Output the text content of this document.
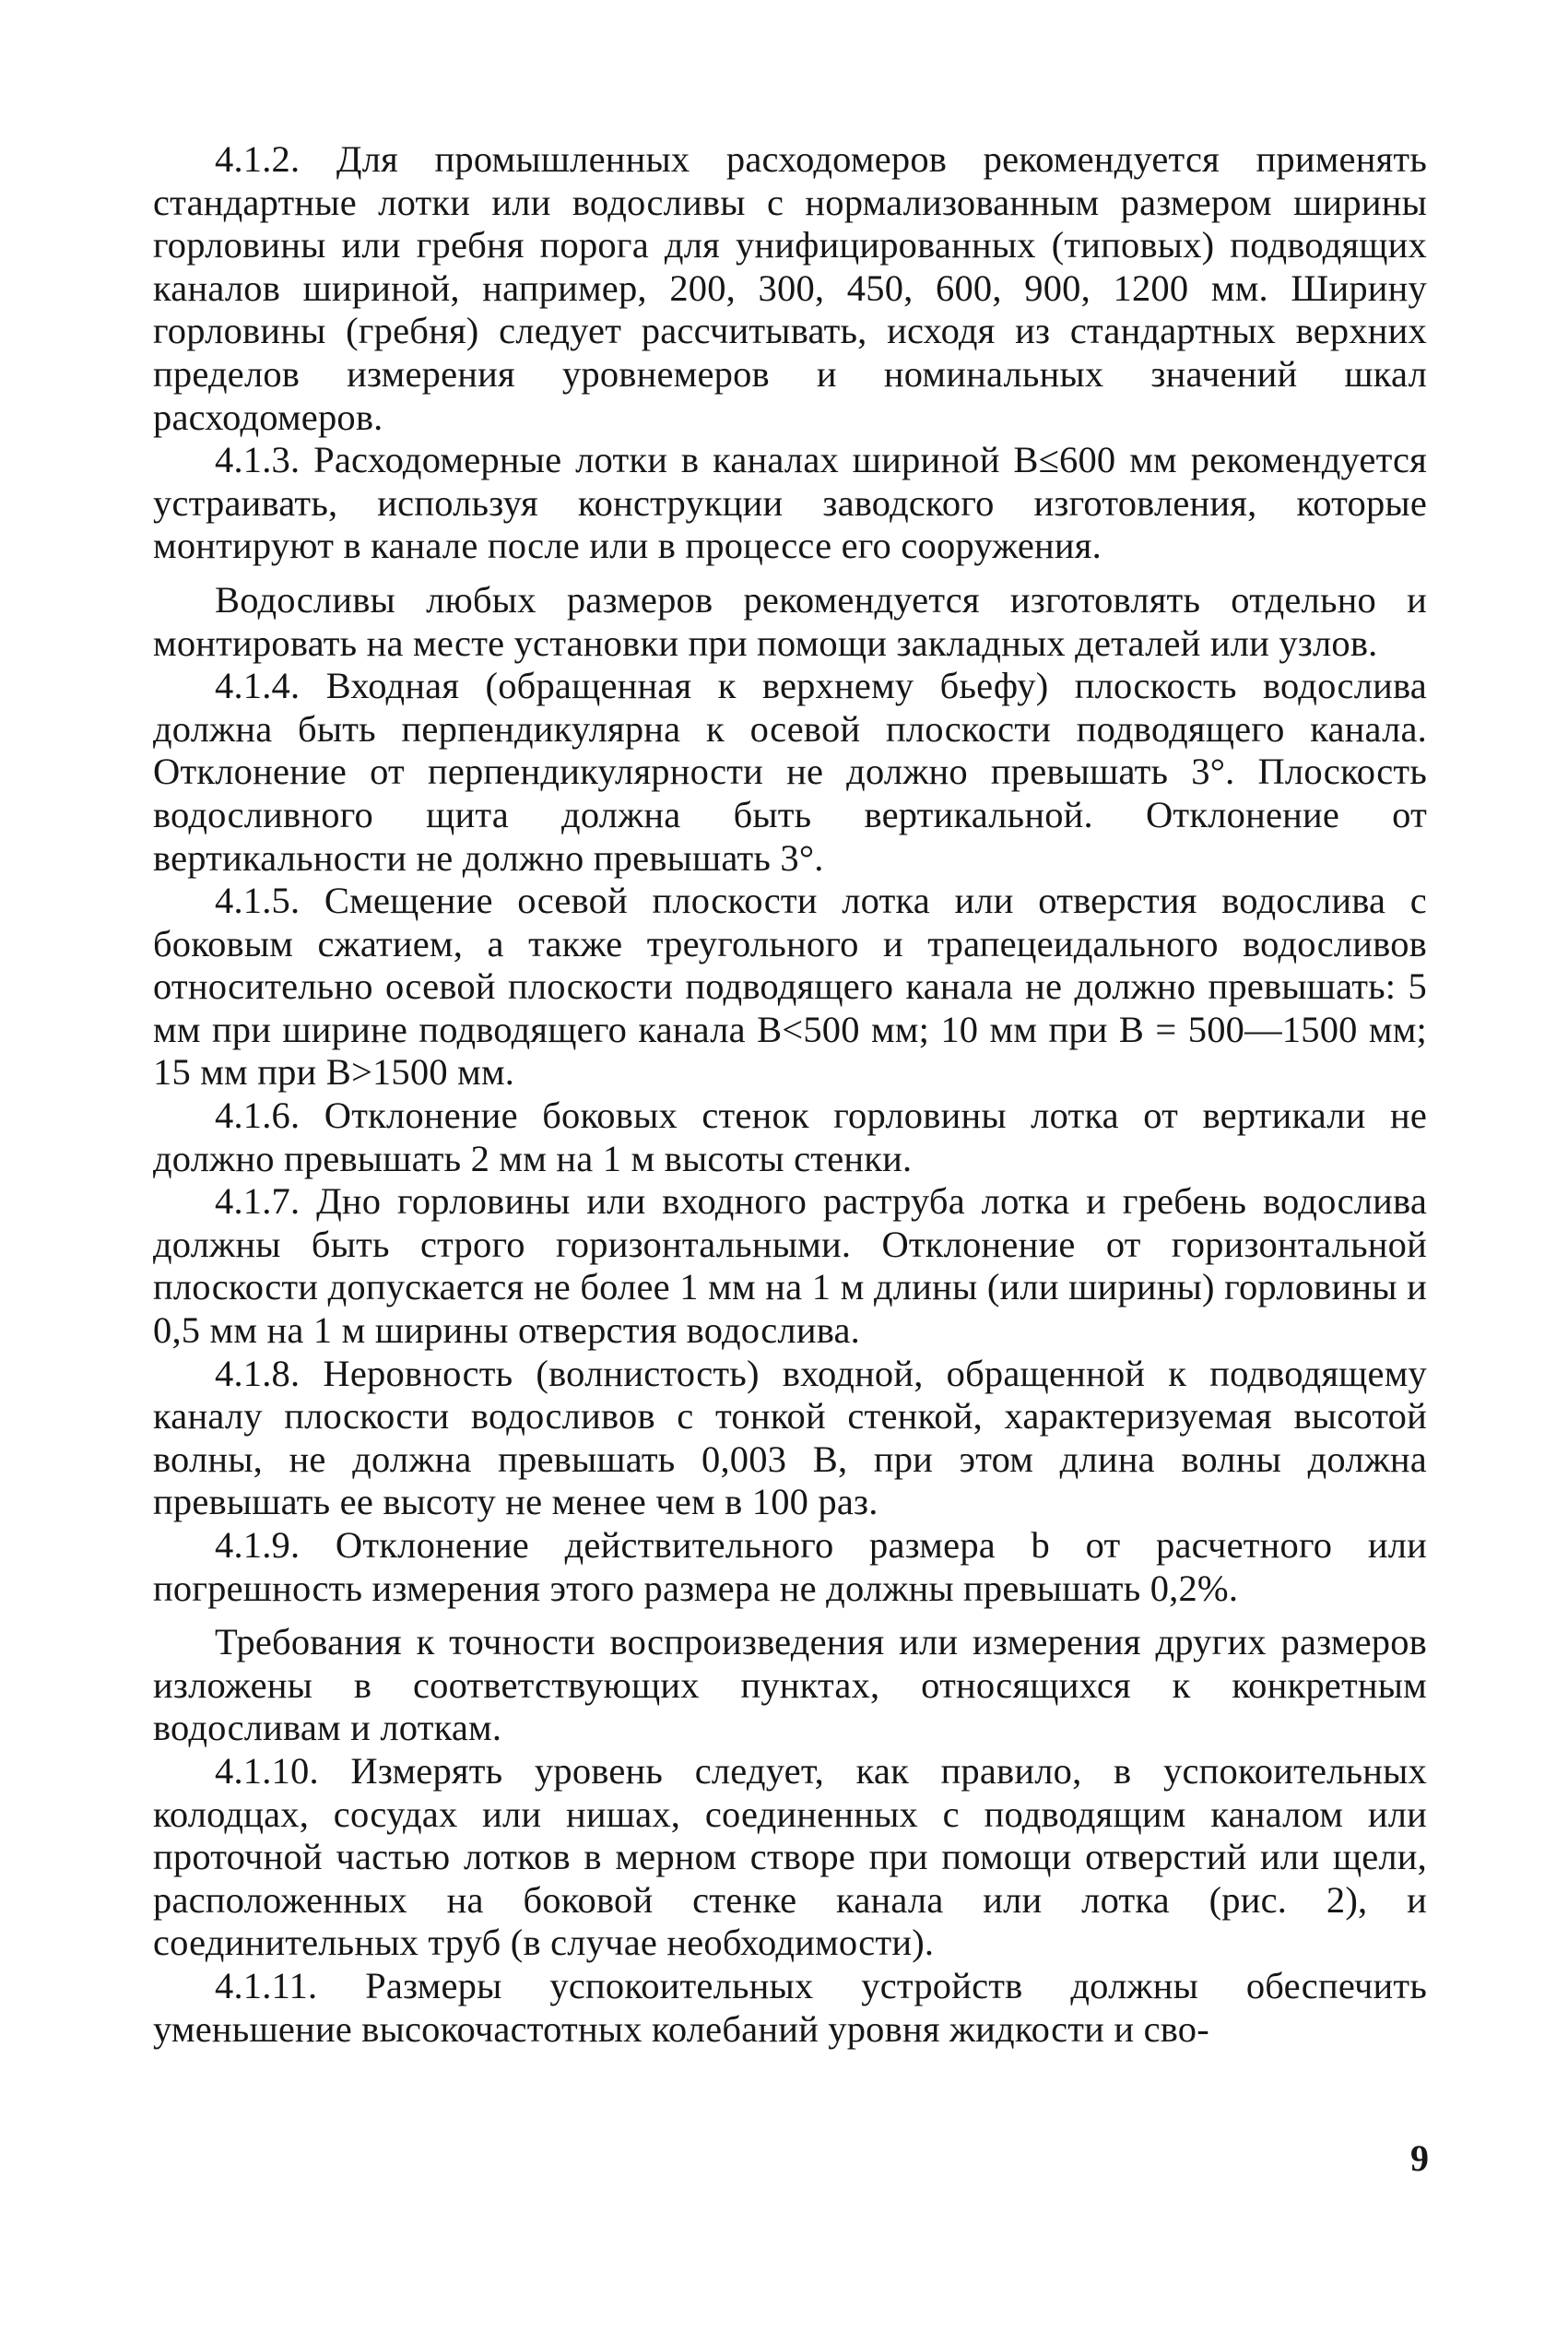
4.1.2. Для промышленных расходомеров рекомендуется применять стандартные лотки или водосливы с нормализованным размером ширины горловины или гребня порога для унифицированных (типовых) подводящих каналов шириной, например, 200, 300, 450, 600, 900, 1200 мм. Ширину горловины (гребня) следует рассчитывать, исходя из стандартных верхних пределов измерения уровнемеров и номинальных значений шкал расходомеров.

4.1.3. Расходомерные лотки в каналах шириной B≤600 мм рекомендуется устраивать, используя конструкции заводского изготовления, которые монтируют в канале после или в процессе его сооружения.

Водосливы любых размеров рекомендуется изготовлять отдельно и монтировать на месте установки при помощи закладных деталей или узлов.

4.1.4. Входная (обращенная к верхнему бьефу) плоскость водослива должна быть перпендикулярна к осевой плоскости подводящего канала. Отклонение от перпендикулярности не должно превышать 3°. Плоскость водосливного щита должна быть вертикальной. Отклонение от вертикальности не должно превышать 3°.

4.1.5. Смещение осевой плоскости лотка или отверстия водослива с боковым сжатием, а также треугольного и трапецеидального водосливов относительно осевой плоскости подводящего канала не должно превышать: 5 мм при ширине подводящего канала B<500 мм; 10 мм при B = 500—1500 мм; 15 мм при B>1500 мм.

4.1.6. Отклонение боковых стенок горловины лотка от вертикали не должно превышать 2 мм на 1 м высоты стенки.

4.1.7. Дно горловины или входного раструба лотка и гребень водослива должны быть строго горизонтальными. Отклонение от горизонтальной плоскости допускается не более 1 мм на 1 м длины (или ширины) горловины и 0,5 мм на 1 м ширины отверстия водослива.

4.1.8. Неровность (волнистость) входной, обращенной к подводящему каналу плоскости водосливов с тонкой стенкой, характеризуемая высотой волны, не должна превышать 0,003 B, при этом длина волны должна превышать ее высоту не менее чем в 100 раз.

4.1.9. Отклонение действительного размера b от расчетного или погрешность измерения этого размера не должны превышать 0,2%.

Требования к точности воспроизведения или измерения других размеров изложены в соответствующих пунктах, относящихся к конкретным водосливам и лоткам.

4.1.10. Измерять уровень следует, как правило, в успокоительных колодцах, сосудах или нишах, соединенных с подводящим каналом или проточной частью лотков в мерном створе при помощи отверстий или щели, расположенных на боковой стенке канала или лотка (рис. 2), и соединительных труб (в случае необходимости).

4.1.11. Размеры успокоительных устройств должны обеспечить уменьшение высокочастотных колебаний уровня жидкости и сво-

9
